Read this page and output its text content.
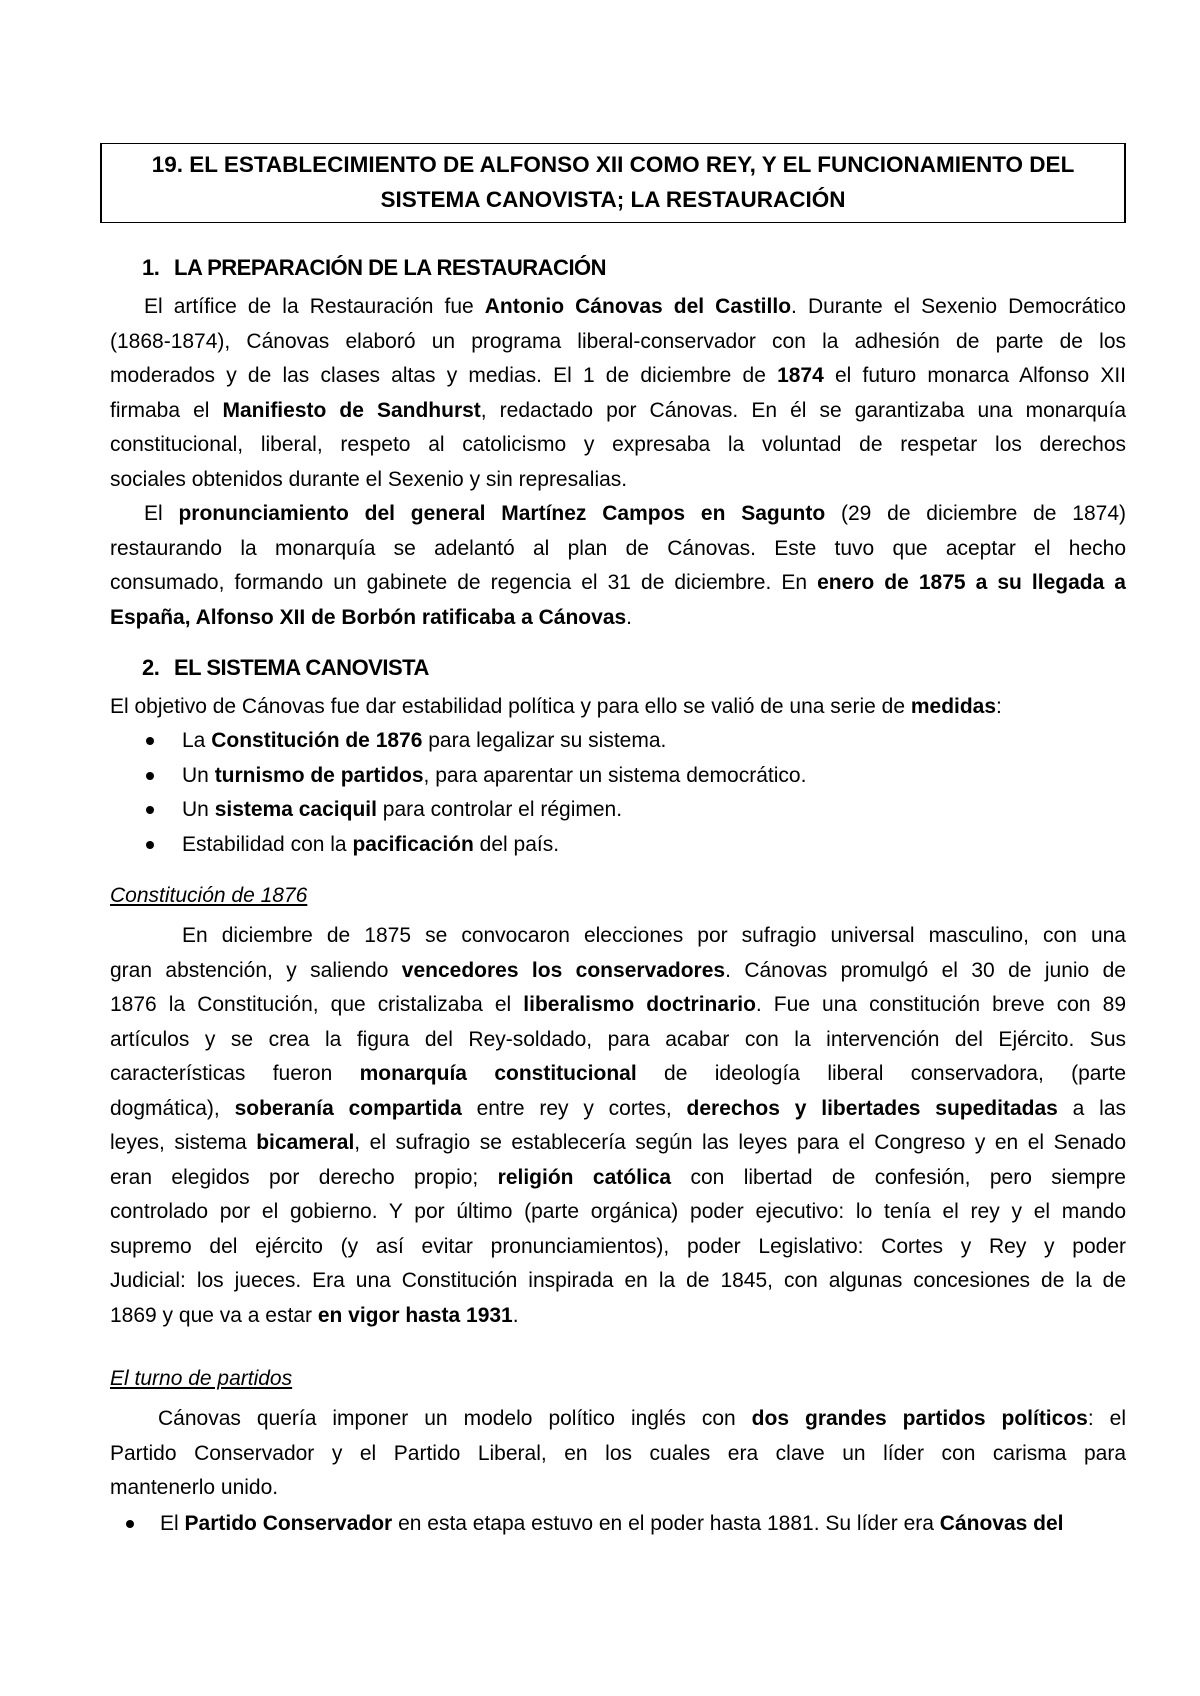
19. EL ESTABLECIMIENTO DE ALFONSO XII COMO REY, Y EL FUNCIONAMIENTO DEL
SISTEMA CANOVISTA; LA RESTAURACIÓN
1. LA PREPARACIÓN DE LA RESTAURACIÓN
El artífice de la Restauración fue Antonio Cánovas del Castillo. Durante el Sexenio Democrático
(1868-1874), Cánovas elaboró un programa liberal-conservador con la adhesión de parte de los
moderados y de las clases altas y medias. El 1 de diciembre de 1874 el futuro monarca Alfonso XII
firmaba el Manifiesto de Sandhurst, redactado por Cánovas. En él se garantizaba una monarquía
constitucional, liberal, respeto al catolicismo y expresaba la voluntad de respetar los derechos
sociales obtenidos durante el Sexenio y sin represalias.
El pronunciamiento del general Martínez Campos en Sagunto (29 de diciembre de 1874)
restaurando la monarquía se adelantó al plan de Cánovas. Este tuvo que aceptar el hecho
consumado, formando un gabinete de regencia el 31 de diciembre. En enero de 1875 a su llegada a
España, Alfonso XII de Borbón ratificaba a Cánovas.
2. EL SISTEMA CANOVISTA
El objetivo de Cánovas fue dar estabilidad política y para ello se valió de una serie de medidas:
La Constitución de 1876 para legalizar su sistema.
Un turnismo de partidos, para aparentar un sistema democrático.
Un sistema caciquil para controlar el régimen.
Estabilidad con la pacificación del país.
Constitución de 1876
En diciembre de 1875 se convocaron elecciones por sufragio universal masculino, con una
gran abstención, y saliendo vencedores los conservadores. Cánovas promulgó el 30 de junio de
1876 la Constitución, que cristalizaba el liberalismo doctrinario. Fue una constitución breve con 89
artículos y se crea la figura del Rey-soldado, para acabar con la intervención del Ejército. Sus
características fueron monarquía constitucional de ideología liberal conservadora, (parte
dogmática), soberanía compartida entre rey y cortes, derechos y libertades supeditadas a las
leyes, sistema bicameral, el sufragio se establecería según las leyes para el Congreso y en el Senado
eran elegidos por derecho propio; religión católica con libertad de confesión, pero siempre
controlado por el gobierno. Y por último (parte orgánica) poder ejecutivo: lo tenía el rey y el mando
supremo del ejército (y así evitar pronunciamientos), poder Legislativo: Cortes y Rey y poder
Judicial: los jueces. Era una Constitución inspirada en la de 1845, con algunas concesiones de la de
1869 y que va a estar en vigor hasta 1931.
El turno de partidos
Cánovas quería imponer un modelo político inglés con dos grandes partidos políticos: el
Partido Conservador y el Partido Liberal, en los cuales era clave un líder con carisma para
mantenerlo unido.
El Partido Conservador en esta etapa estuvo en el poder hasta 1881. Su líder era Cánovas del
